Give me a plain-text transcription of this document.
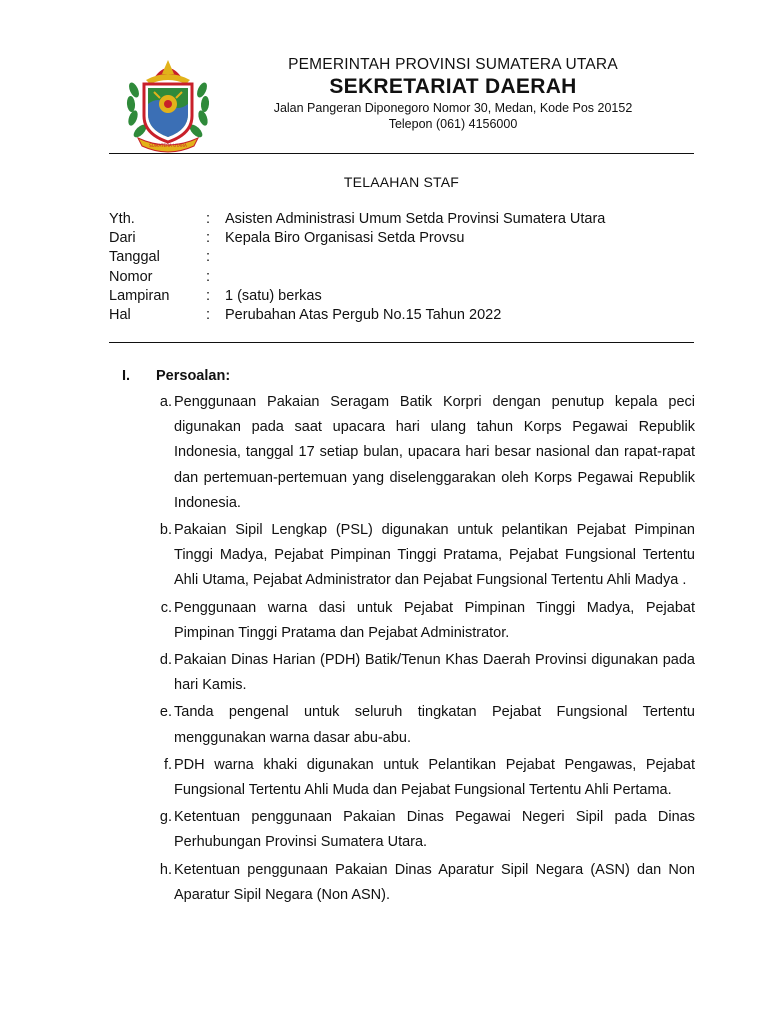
SUMATERA UTARA
PEMERINTAH PROVINSI SUMATERA UTARA
SEKRETARIAT DAERAH
Jalan Pangeran Diponegoro Nomor 30, Medan, Kode Pos 20152
Telepon (061) 4156000
TELAAHAN STAF
Yth.	:	Asisten Administrasi Umum Setda Provinsi Sumatera Utara
Dari	:	Kepala Biro Organisasi Setda Provsu
Tanggal	:
Nomor	:
Lampiran	:	1 (satu) berkas
Hal	:	Perubahan Atas Pergub No.15 Tahun 2022
I.	Persoalan:
a. Penggunaan Pakaian Seragam Batik Korpri dengan penutup kepala peci digunakan pada saat upacara hari ulang tahun Korps Pegawai Republik Indonesia, tanggal 17 setiap bulan, upacara hari besar nasional dan rapat-rapat dan pertemuan-pertemuan yang diselenggarakan oleh Korps Pegawai Republik Indonesia.
b. Pakaian Sipil Lengkap (PSL) digunakan untuk pelantikan Pejabat Pimpinan Tinggi Madya, Pejabat Pimpinan Tinggi Pratama, Pejabat Fungsional Tertentu Ahli Utama, Pejabat Administrator dan Pejabat Fungsional Tertentu Ahli Madya .
c. Penggunaan warna dasi untuk Pejabat Pimpinan Tinggi Madya, Pejabat Pimpinan Tinggi Pratama dan Pejabat Administrator.
d. Pakaian Dinas Harian (PDH) Batik/Tenun Khas Daerah Provinsi digunakan pada hari Kamis.
e. Tanda pengenal untuk seluruh tingkatan Pejabat Fungsional Tertentu menggunakan warna dasar abu-abu.
f. PDH warna khaki digunakan untuk Pelantikan Pejabat Pengawas, Pejabat Fungsional Tertentu Ahli Muda dan Pejabat Fungsional Tertentu Ahli Pertama.
g. Ketentuan penggunaan Pakaian Dinas Pegawai Negeri Sipil pada Dinas Perhubungan Provinsi Sumatera Utara.
h. Ketentuan penggunaan Pakaian Dinas Aparatur Sipil Negara (ASN) dan Non Aparatur Sipil Negara (Non ASN).
